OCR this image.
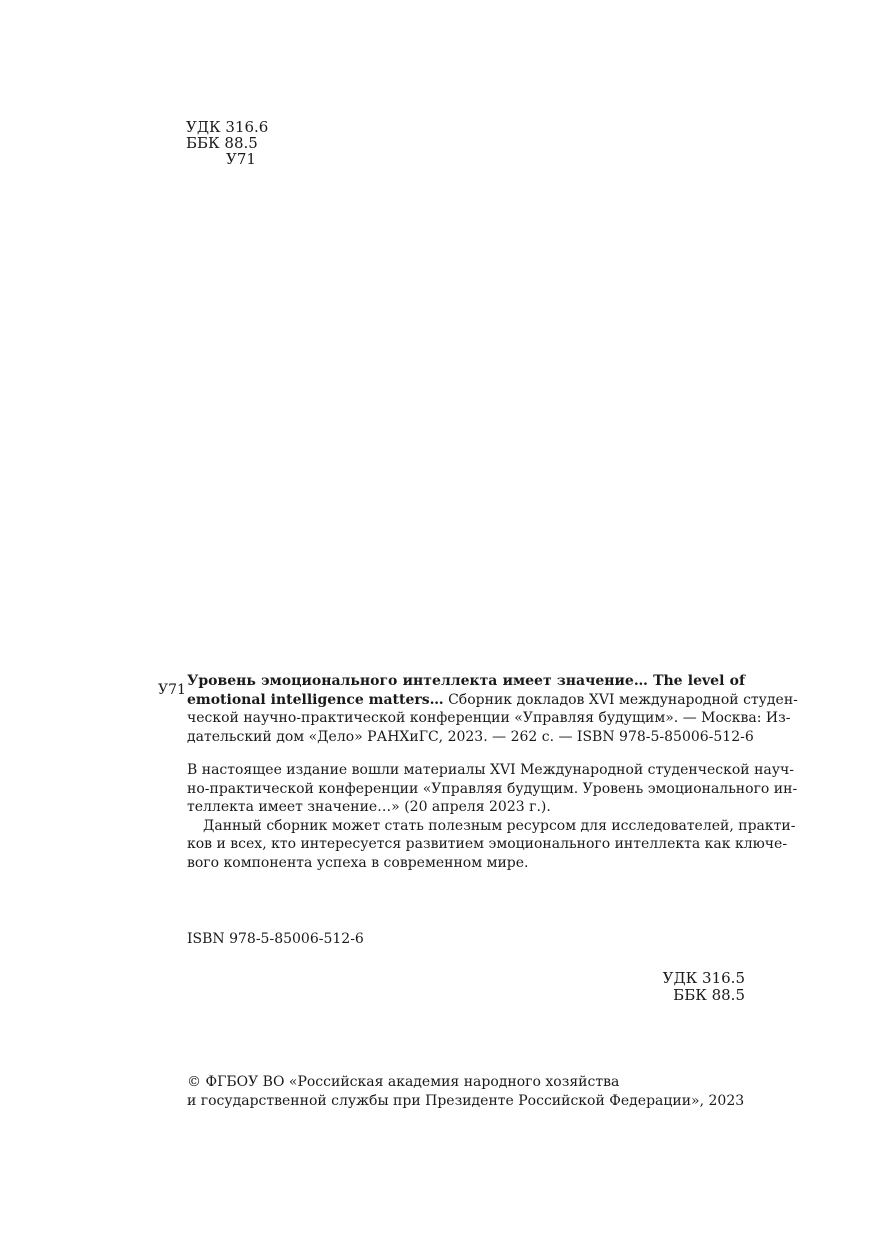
УДК 316.6
ББК 88.5
У71
У71
Уровень эмоционального интеллекта имеет значение… The level of
emotional intelligence matters… Сборник докладов XVI международной студен-
ческой научно-практической конференции «Управляя будущим». — Москва: Из-
дательский дом «Дело» РАНХиГС, 2023. — 262 с. — ISBN 978-5-85006-512-6
В настоящее издание вошли материалы XVI Международной студенческой науч-
но-практической конференции «Управляя будущим. Уровень эмоционального ин-
теллекта имеет значение…» (20 апреля 2023 г.).
Данный сборник может стать полезным ресурсом для исследователей, практи-
ков и всех, кто интересуется развитием эмоционального интеллекта как ключе-
вого компонента успеха в современном мире.
ISBN 978-5-85006-512-6
УДК 316.5
ББК 88.5
© ФГБОУ ВО «Российская академия народного хозяйства
и государственной службы при Президенте Российской Федерации», 2023
